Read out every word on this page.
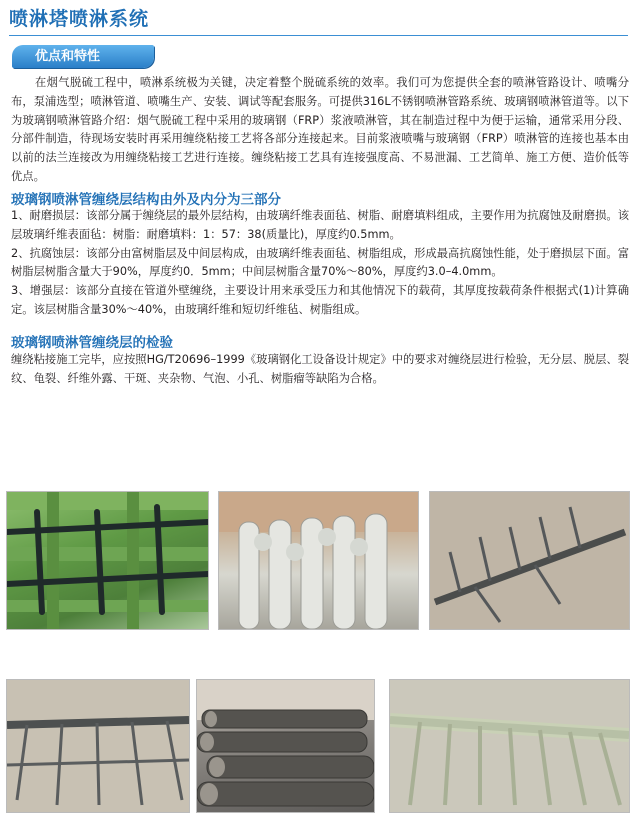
喷淋塔喷淋系统
优点和特性
在烟气脱硫工程中，喷淋系统极为关键，决定着整个脱硫系统的效率。我们可为您提供全套的喷淋管路设计、喷嘴分布，泵浦选型；喷淋管道、喷嘴生产、安装、调试等配套服务。可提供316L不锈钢喷淋管路系统、玻璃钢喷淋管道等。以下为玻璃钢喷淋管路介绍：烟气脱硫工程中采用的玻璃钢（FRP）浆液喷淋管，其在制造过程中为便于运输，通常采用分段、分部件制造，待现场安装时再采用缠绕粘接工艺将各部分连接起来。目前浆液喷嘴与玻璃钢（FRP）喷淋管的连接也基本由以前的法兰连接改为用缠绕粘接工艺进行连接。缠绕粘接工艺具有连接强度高、不易泄漏、工艺简单、施工方便、造价低等优点。
玻璃钢喷淋管缠绕层结构由外及内分为三部分

1、耐磨损层：该部分属于缠绕层的最外层结构，由玻璃纤维表面毡、树脂、耐磨填料组成，主要作用为抗腐蚀及耐磨损。该层玻璃纤维表面毡：树脂：耐磨填料：1：57：38(质量比)，厚度约0.5mm。

2、抗腐蚀层：该部分由富树脂层及中间层构成，由玻璃纤维表面毡、树脂组成，形成最高抗腐蚀性能，处于磨损层下面。富树脂层树脂含量大于90%，厚度约0．5mm；中间层树脂含量70%～80%，厚度约3.0–4.0mm。

3、增强层：该部分直接在管道外壁缠绕，主要设计用来承受压力和其他情况下的载荷，其厚度按载荷条件根据式(1)计算确定。该层树脂含量30%～40%，由玻璃纤维和短切纤维毡、树脂组成。

玻璃钢喷淋管缠绕层的检验
缠绕粘接施工完毕，应按照HG/T20696–1999《玻璃钢化工设备设计规定》中的要求对缠绕层进行检验，无分层、脱层、裂纹、龟裂、纤维外露、干斑、夹杂物、气泡、小孔、树脂瘤等缺陷为合格。
